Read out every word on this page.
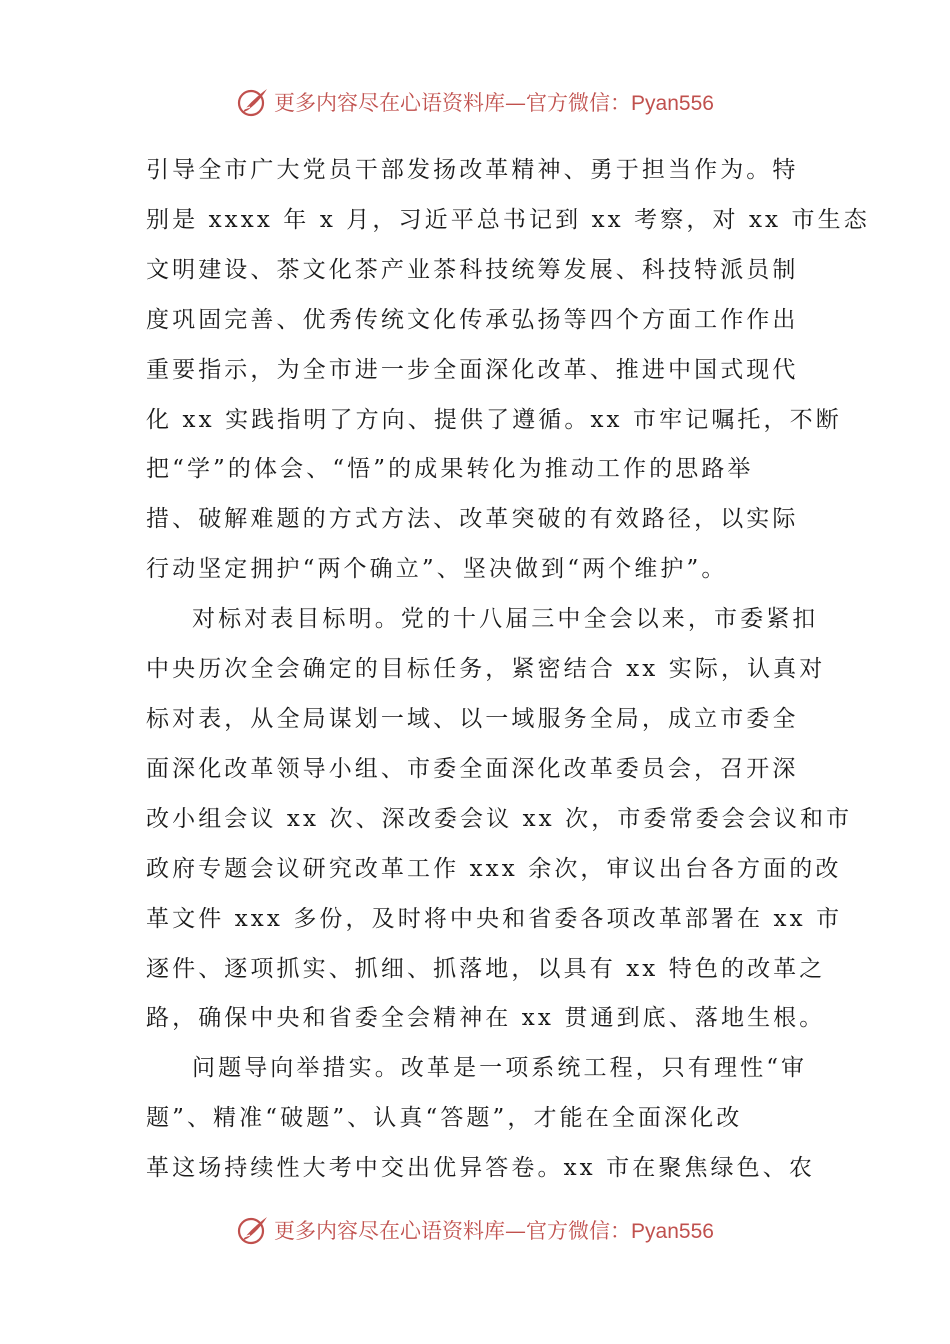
更多内容尽在心语资料库—官方微信：Pyan556

引导全市广大党员干部发扬改革精神、勇于担当作为。特
别是 xxxx 年 x 月，习近平总书记到 xx 考察，对 xx 市生态
文明建设、茶文化茶产业茶科技统筹发展、科技特派员制
度巩固完善、优秀传统文化传承弘扬等四个方面工作作出
重要指示，为全市进一步全面深化改革、推进中国式现代
化 xx 实践指明了方向、提供了遵循。xx 市牢记嘱托，不断
把“学”的体会、“悟”的成果转化为推动工作的思路举
措、破解难题的方式方法、改革突破的有效路径，以实际
行动坚定拥护“两个确立”、坚决做到“两个维护”。

对标对表目标明。党的十八届三中全会以来，市委紧扣
中央历次全会确定的目标任务，紧密结合 xx 实际，认真对
标对表，从全局谋划一域、以一域服务全局，成立市委全
面深化改革领导小组、市委全面深化改革委员会，召开深
改小组会议 xx 次、深改委会议 xx 次，市委常委会会议和市
政府专题会议研究改革工作 xxx 余次，审议出台各方面的改
革文件 xxx 多份，及时将中央和省委各项改革部署在 xx 市
逐件、逐项抓实、抓细、抓落地，以具有 xx 特色的改革之
路，确保中央和省委全会精神在 xx 贯通到底、落地生根。

问题导向举措实。改革是一项系统工程，只有理性“审
题”、精准“破题”、认真“答题”，才能在全面深化改
革这场持续性大考中交出优异答卷。xx 市在聚焦绿色、农

更多内容尽在心语资料库—官方微信：Pyan556
